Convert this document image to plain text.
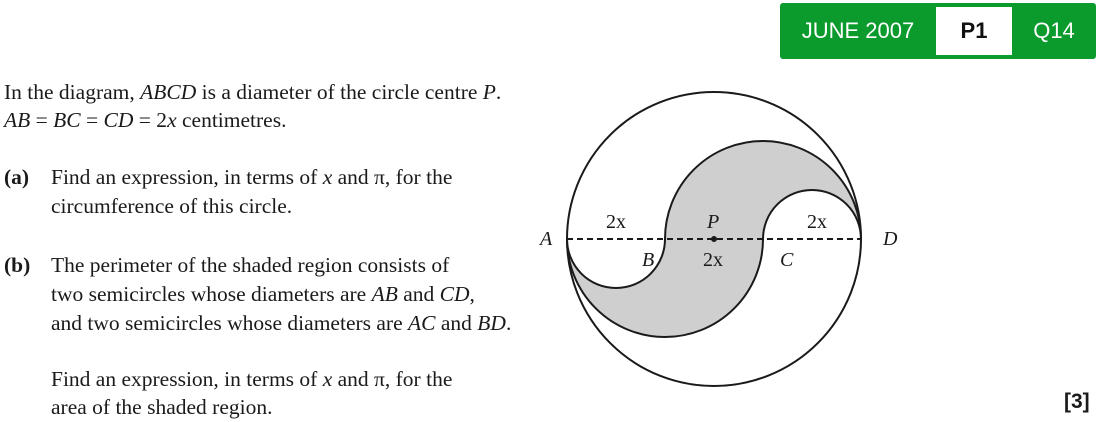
JUNE 2007	P1	Q14
In the diagram, ABCD is a diameter of the circle centre P.
AB = BC = CD = 2x centimetres.
(a) Find an expression, in terms of x and π, for the
circumference of this circle.
(b) The perimeter of the shaded region consists of
two semicircles whose diameters are AB and CD,
and two semicircles whose diameters are AC and BD.
Find an expression, in terms of x and π, for the
area of the shaded region.	[3]
A
B	C
D
P
2x
2x
2x
